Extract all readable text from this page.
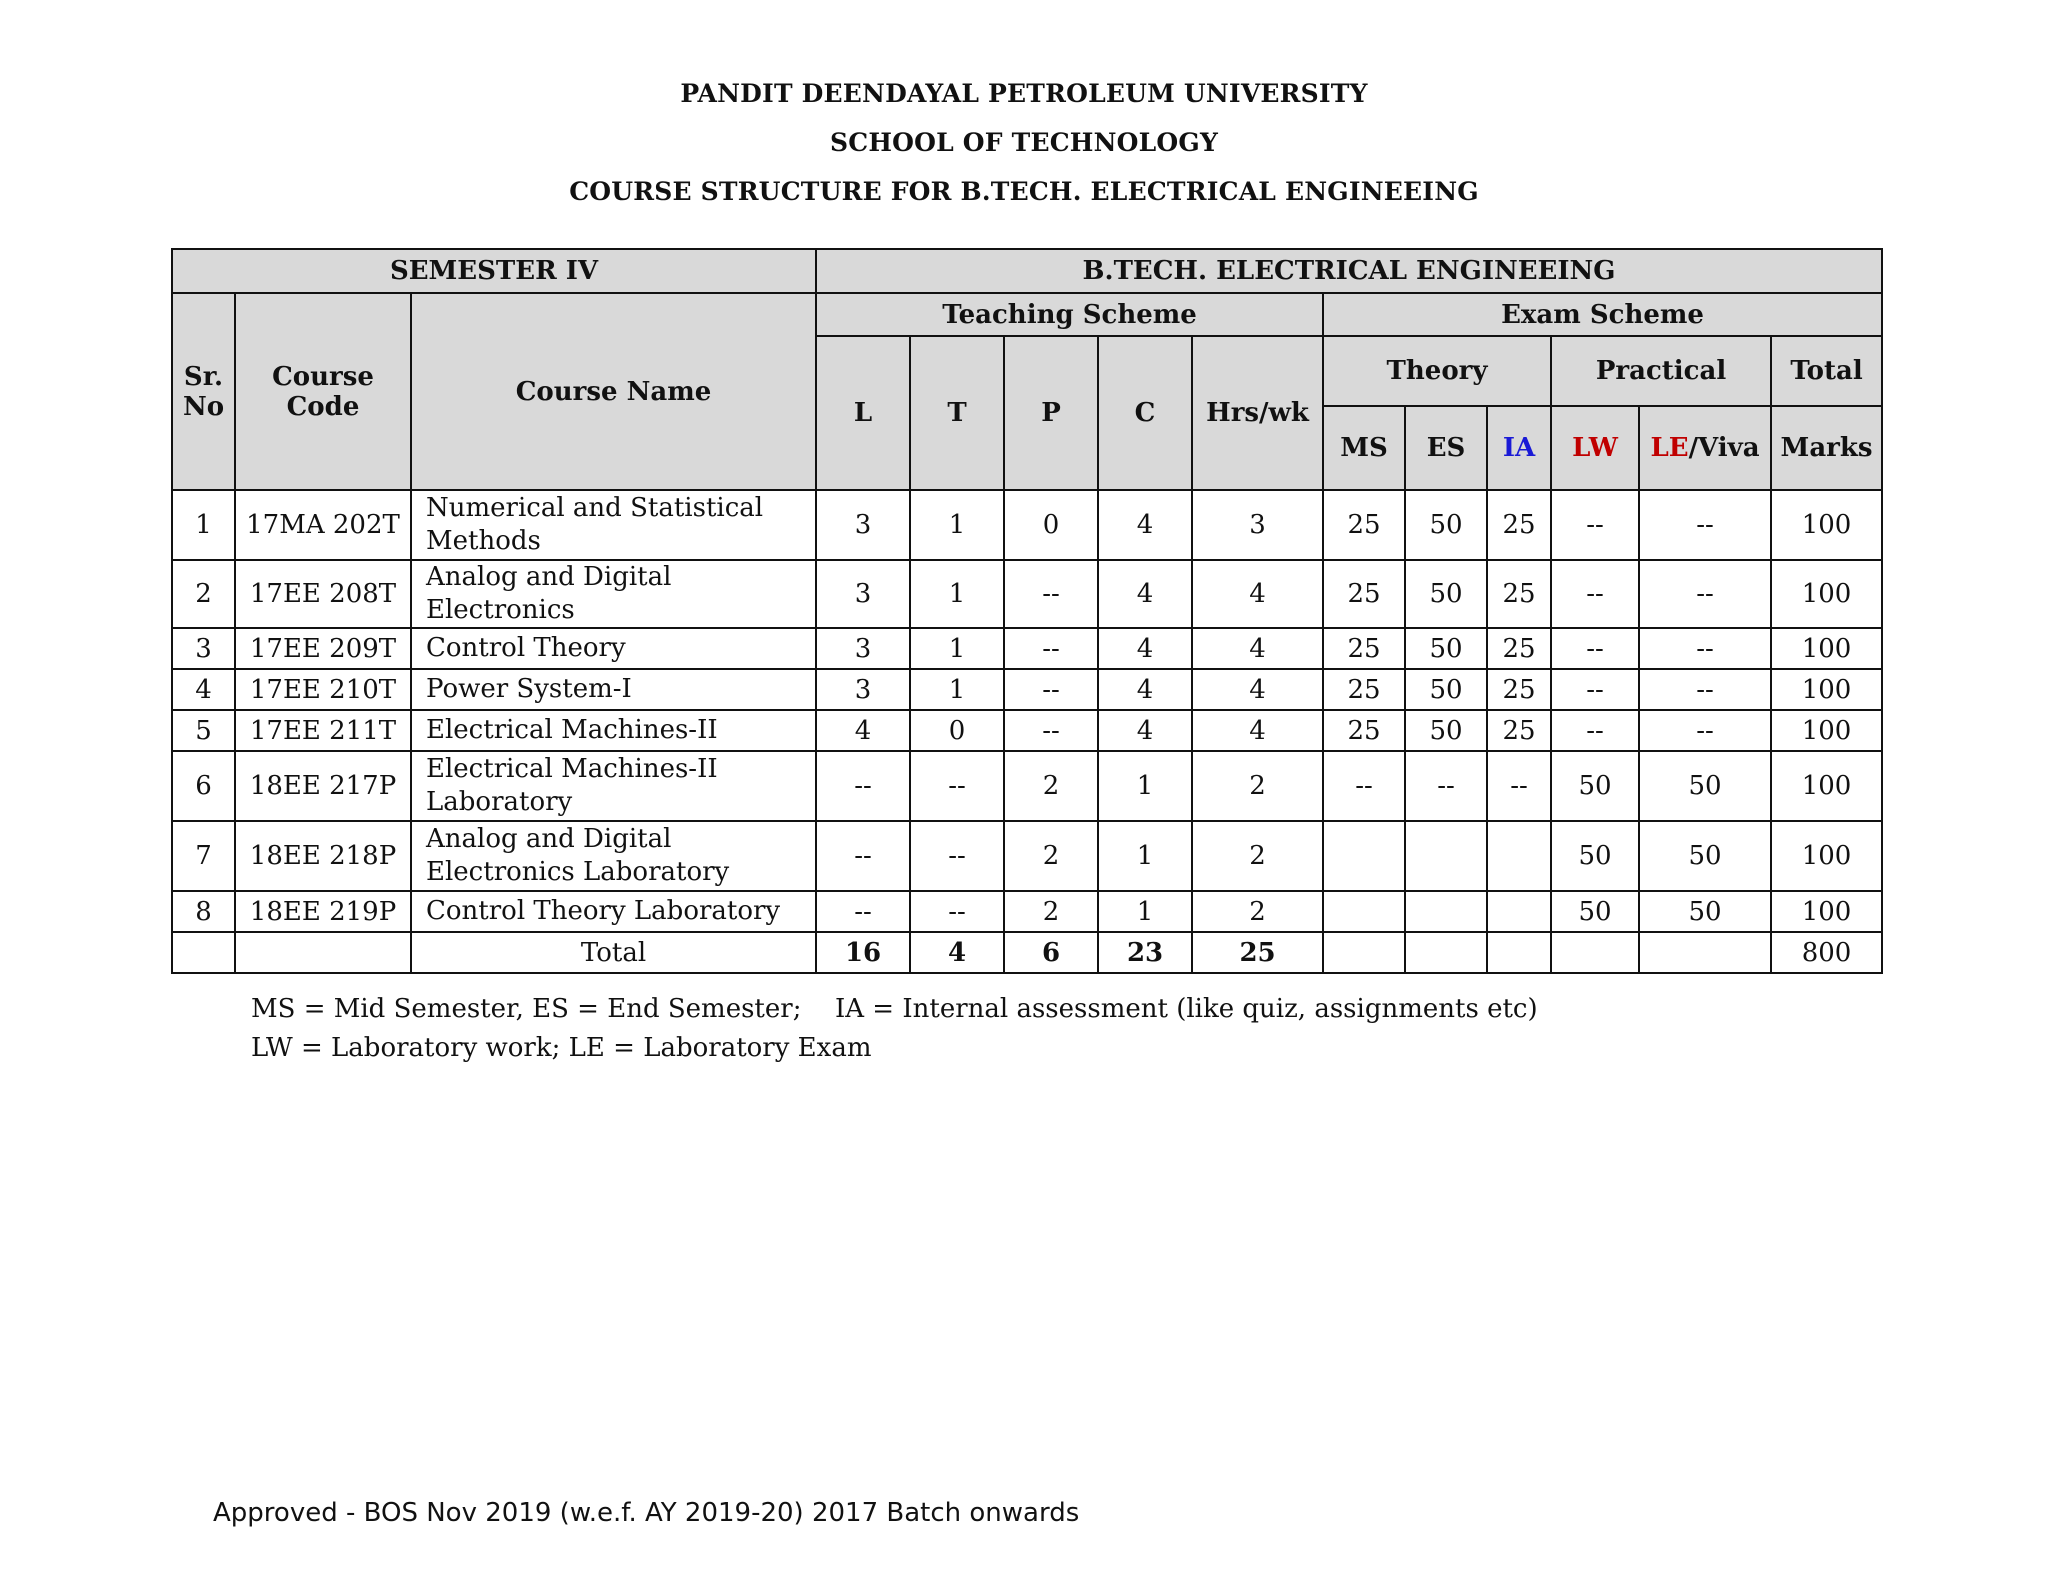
PANDIT DEENDAYAL PETROLEUM UNIVERSITY
SCHOOL OF TECHNOLOGY
COURSE STRUCTURE FOR B.TECH. ELECTRICAL ENGINEEING
SEMESTER IV			B.TECH. ELECTRICAL ENGINEEING										
Sr. No	Course Code	Course Name	Teaching Scheme					Exam Scheme					
			L	T	P	C	Hrs/wk	Theory			Practical		Total
								MS	ES	IA	LW	LE/Viva	Marks
1	17MA 202T	Numerical and Statistical Methods	3	1	0	4	3	25	50	25	--	--	100
2	17EE 208T	Analog and Digital Electronics	3	1	--	4	4	25	50	25	--	--	100
3	17EE 209T	Control Theory	3	1	--	4	4	25	50	25	--	--	100
4	17EE 210T	Power System-I	3	1	--	4	4	25	50	25	--	--	100
5	17EE 211T	Electrical Machines-II	4	0	--	4	4	25	50	25	--	--	100
6	18EE 217P	Electrical Machines-II Laboratory	--	--	2	1	2	--	--	--	50	50	100
7	18EE 218P	Analog and Digital Electronics Laboratory	--	--	2	1	2				50	50	100
8	18EE 219P	Control Theory Laboratory	--	--	2	1	2				50	50	100
		Total	16	4	6	23	25						800
MS = Mid Semester, ES = End Semester; IA = Internal assessment (like quiz, assignments etc)
LW = Laboratory work; LE = Laboratory Exam
Approved - BOS Nov 2019 (w.e.f. AY 2019-20) 2017 Batch onwards
